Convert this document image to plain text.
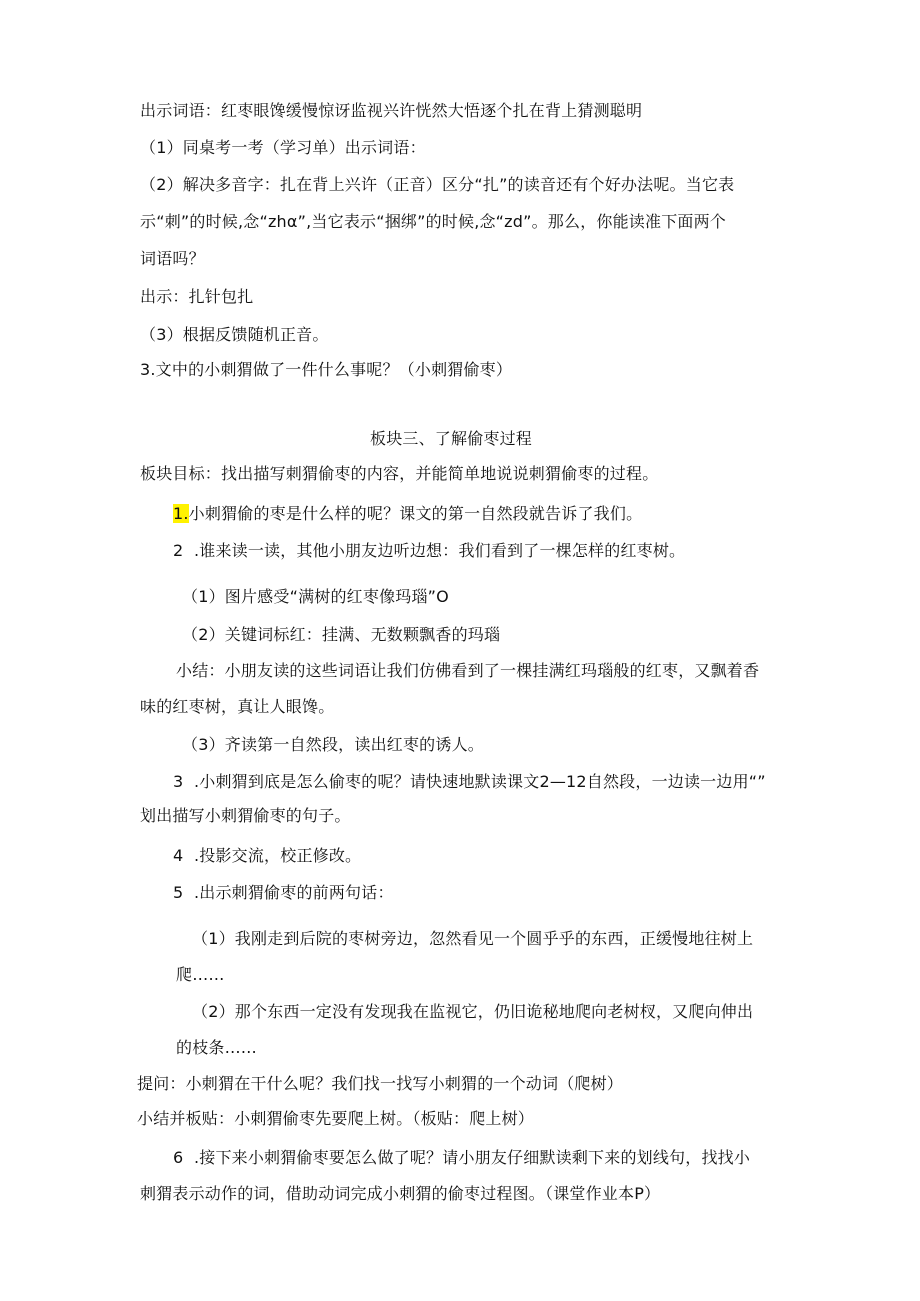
出示词语：红枣眼馋缓慢惊讶监视兴许恍然大悟逐个扎在背上猜测聪明
（1）同桌考一考（学习单）出示词语：
（2）解决多音字：扎在背上兴许（正音）区分“扎”的读音还有个好办法呢。当它表
示“刺”的时候,念“zhα”,当它表示“捆绑”的时候,念“zd”。那么，你能读准下面两个
词语吗？
出示：扎针包扎
（3）根据反馈随机正音。
3.文中的小刺猬做了一件什么事呢？（小刺猬偷枣）
板块三、了解偷枣过程
板块目标：找出描写刺猬偷枣的内容，并能简单地说说刺猬偷枣的过程。
1.小刺猬偷的枣是什么样的呢？课文的第一自然段就告诉了我们。
2  .谁来读一读，其他小朋友边听边想：我们看到了一棵怎样的红枣树。
（1）图片感受“满树的红枣像玛瑙”O
（2）关键词标红：挂满、无数颗飘香的玛瑙
小结：小朋友读的这些词语让我们仿佛看到了一棵挂满红玛瑙般的红枣，又飘着香
味的红枣树，真让人眼馋。
（3）齐读第一自然段，读出红枣的诱人。
3  .小刺猬到底是怎么偷枣的呢？请快速地默读课文2—12自然段，一边读一边用“”
划出描写小刺猬偷枣的句子。
4  .投影交流，校正修改。
5  .出示刺猬偷枣的前两句话：
（1）我刚走到后院的枣树旁边，忽然看见一个圆乎乎的东西，正缓慢地往树上
爬……
（2）那个东西一定没有发现我在监视它，仍旧诡秘地爬向老树杈，又爬向伸出
的枝条……
提问：小刺猬在干什么呢？我们找一找写小刺猬的一个动词（爬树）
小结并板贴：小刺猬偷枣先要爬上树。（板贴：爬上树）
6  .接下来小刺猬偷枣要怎么做了呢？请小朋友仔细默读剩下来的划线句，找找小
刺猬表示动作的词，借助动词完成小刺猬的偷枣过程图。（课堂作业本P）
